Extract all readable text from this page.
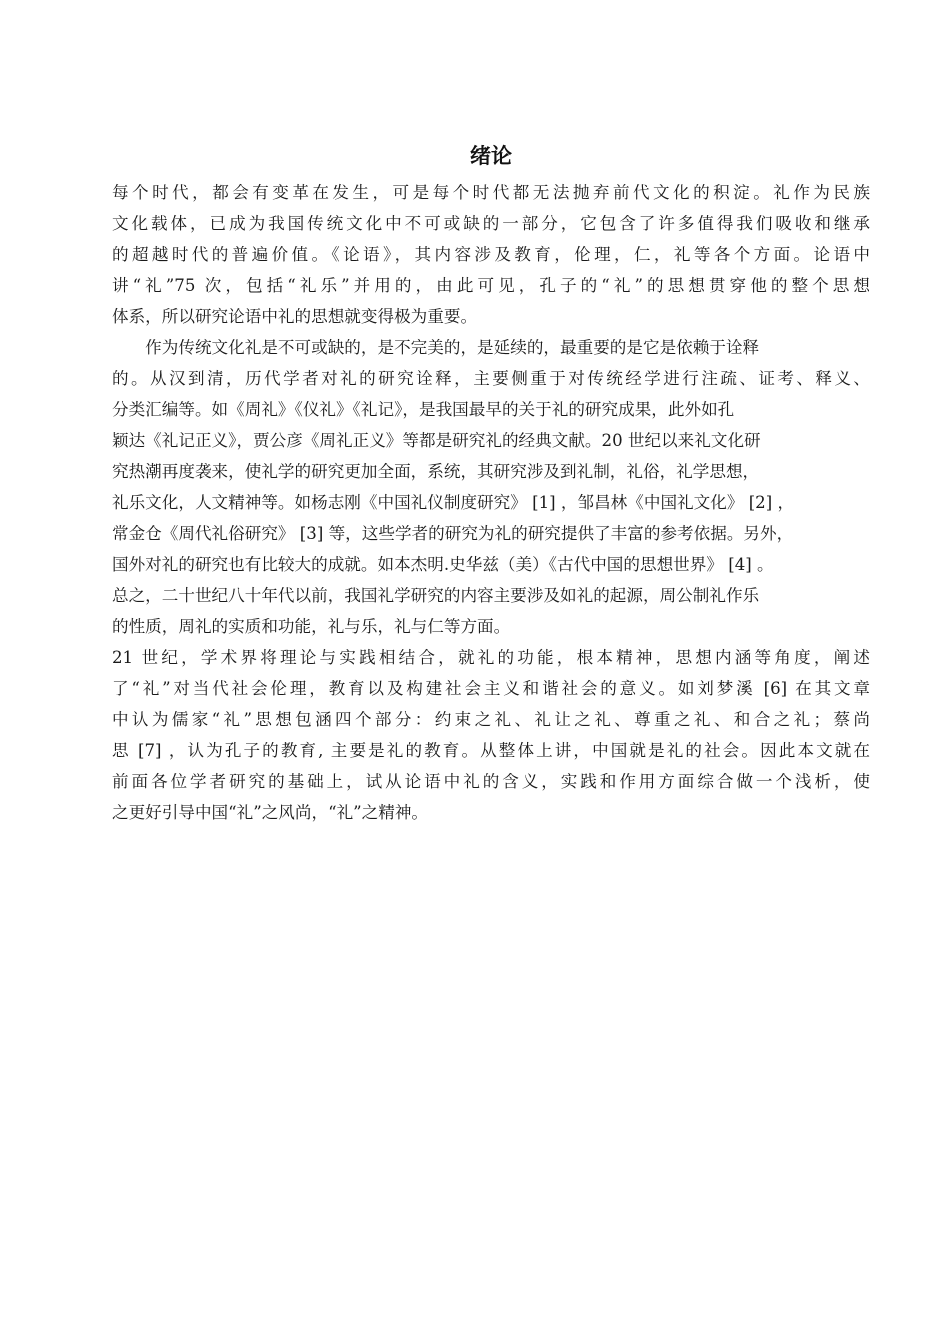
绪论
每个时代，都会有变革在发生，可是每个时代都无法抛弃前代文化的积淀。礼作为民族
文化载体，已成为我国传统文化中不可或缺的一部分，它包含了许多值得我们吸收和继承
的超越时代的普遍价值。《论语》，其内容涉及教育，伦理，仁，礼等各个方面。论语中
讲“礼”75 次，包括“礼乐”并用的，由此可见，孔子的“礼”的思想贯穿他的整个思想
体系，所以研究论语中礼的思想就变得极为重要。
　　作为传统文化礼是不可或缺的，是不完美的，是延续的，最重要的是它是依赖于诠释
的。从汉到清，历代学者对礼的研究诠释，主要侧重于对传统经学进行注疏、证考、释义、
分类汇编等。如《周礼》《仪礼》《礼记》，是我国最早的关于礼的研究成果，此外如孔
颖达《礼记正义》，贾公彦《周礼正义》等都是研究礼的经典文献。20 世纪以来礼文化研
究热潮再度袭来，使礼学的研究更加全面，系统，其研究涉及到礼制，礼俗，礼学思想，
礼乐文化，人文精神等。如杨志刚《中国礼仪制度研究》 [1] ，邹昌林《中国礼文化》 [2] ，
常金仓《周代礼俗研究》 [3] 等，这些学者的研究为礼的研究提供了丰富的参考依据。另外，
国外对礼的研究也有比较大的成就。如本杰明.史华兹（美）《古代中国的思想世界》 [4] 。
总之，二十世纪八十年代以前，我国礼学研究的内容主要涉及如礼的起源，周公制礼作乐
的性质，周礼的实质和功能，礼与乐，礼与仁等方面。
21 世纪，学术界将理论与实践相结合，就礼的功能，根本精神，思想内涵等角度，阐述
了“礼”对当代社会伦理，教育以及构建社会主义和谐社会的意义。如刘梦溪 [6] 在其文章
中认为儒家“礼”思想包涵四个部分：约束之礼、礼让之礼、尊重之礼、和合之礼；蔡尚
思 [7] ，认为孔子的教育, 主要是礼的教育。从整体上讲，中国就是礼的社会。因此本文就在
前面各位学者研究的基础上，试从论语中礼的含义，实践和作用方面综合做一个浅析，使
之更好引导中国“礼”之风尚，“礼”之精神。
